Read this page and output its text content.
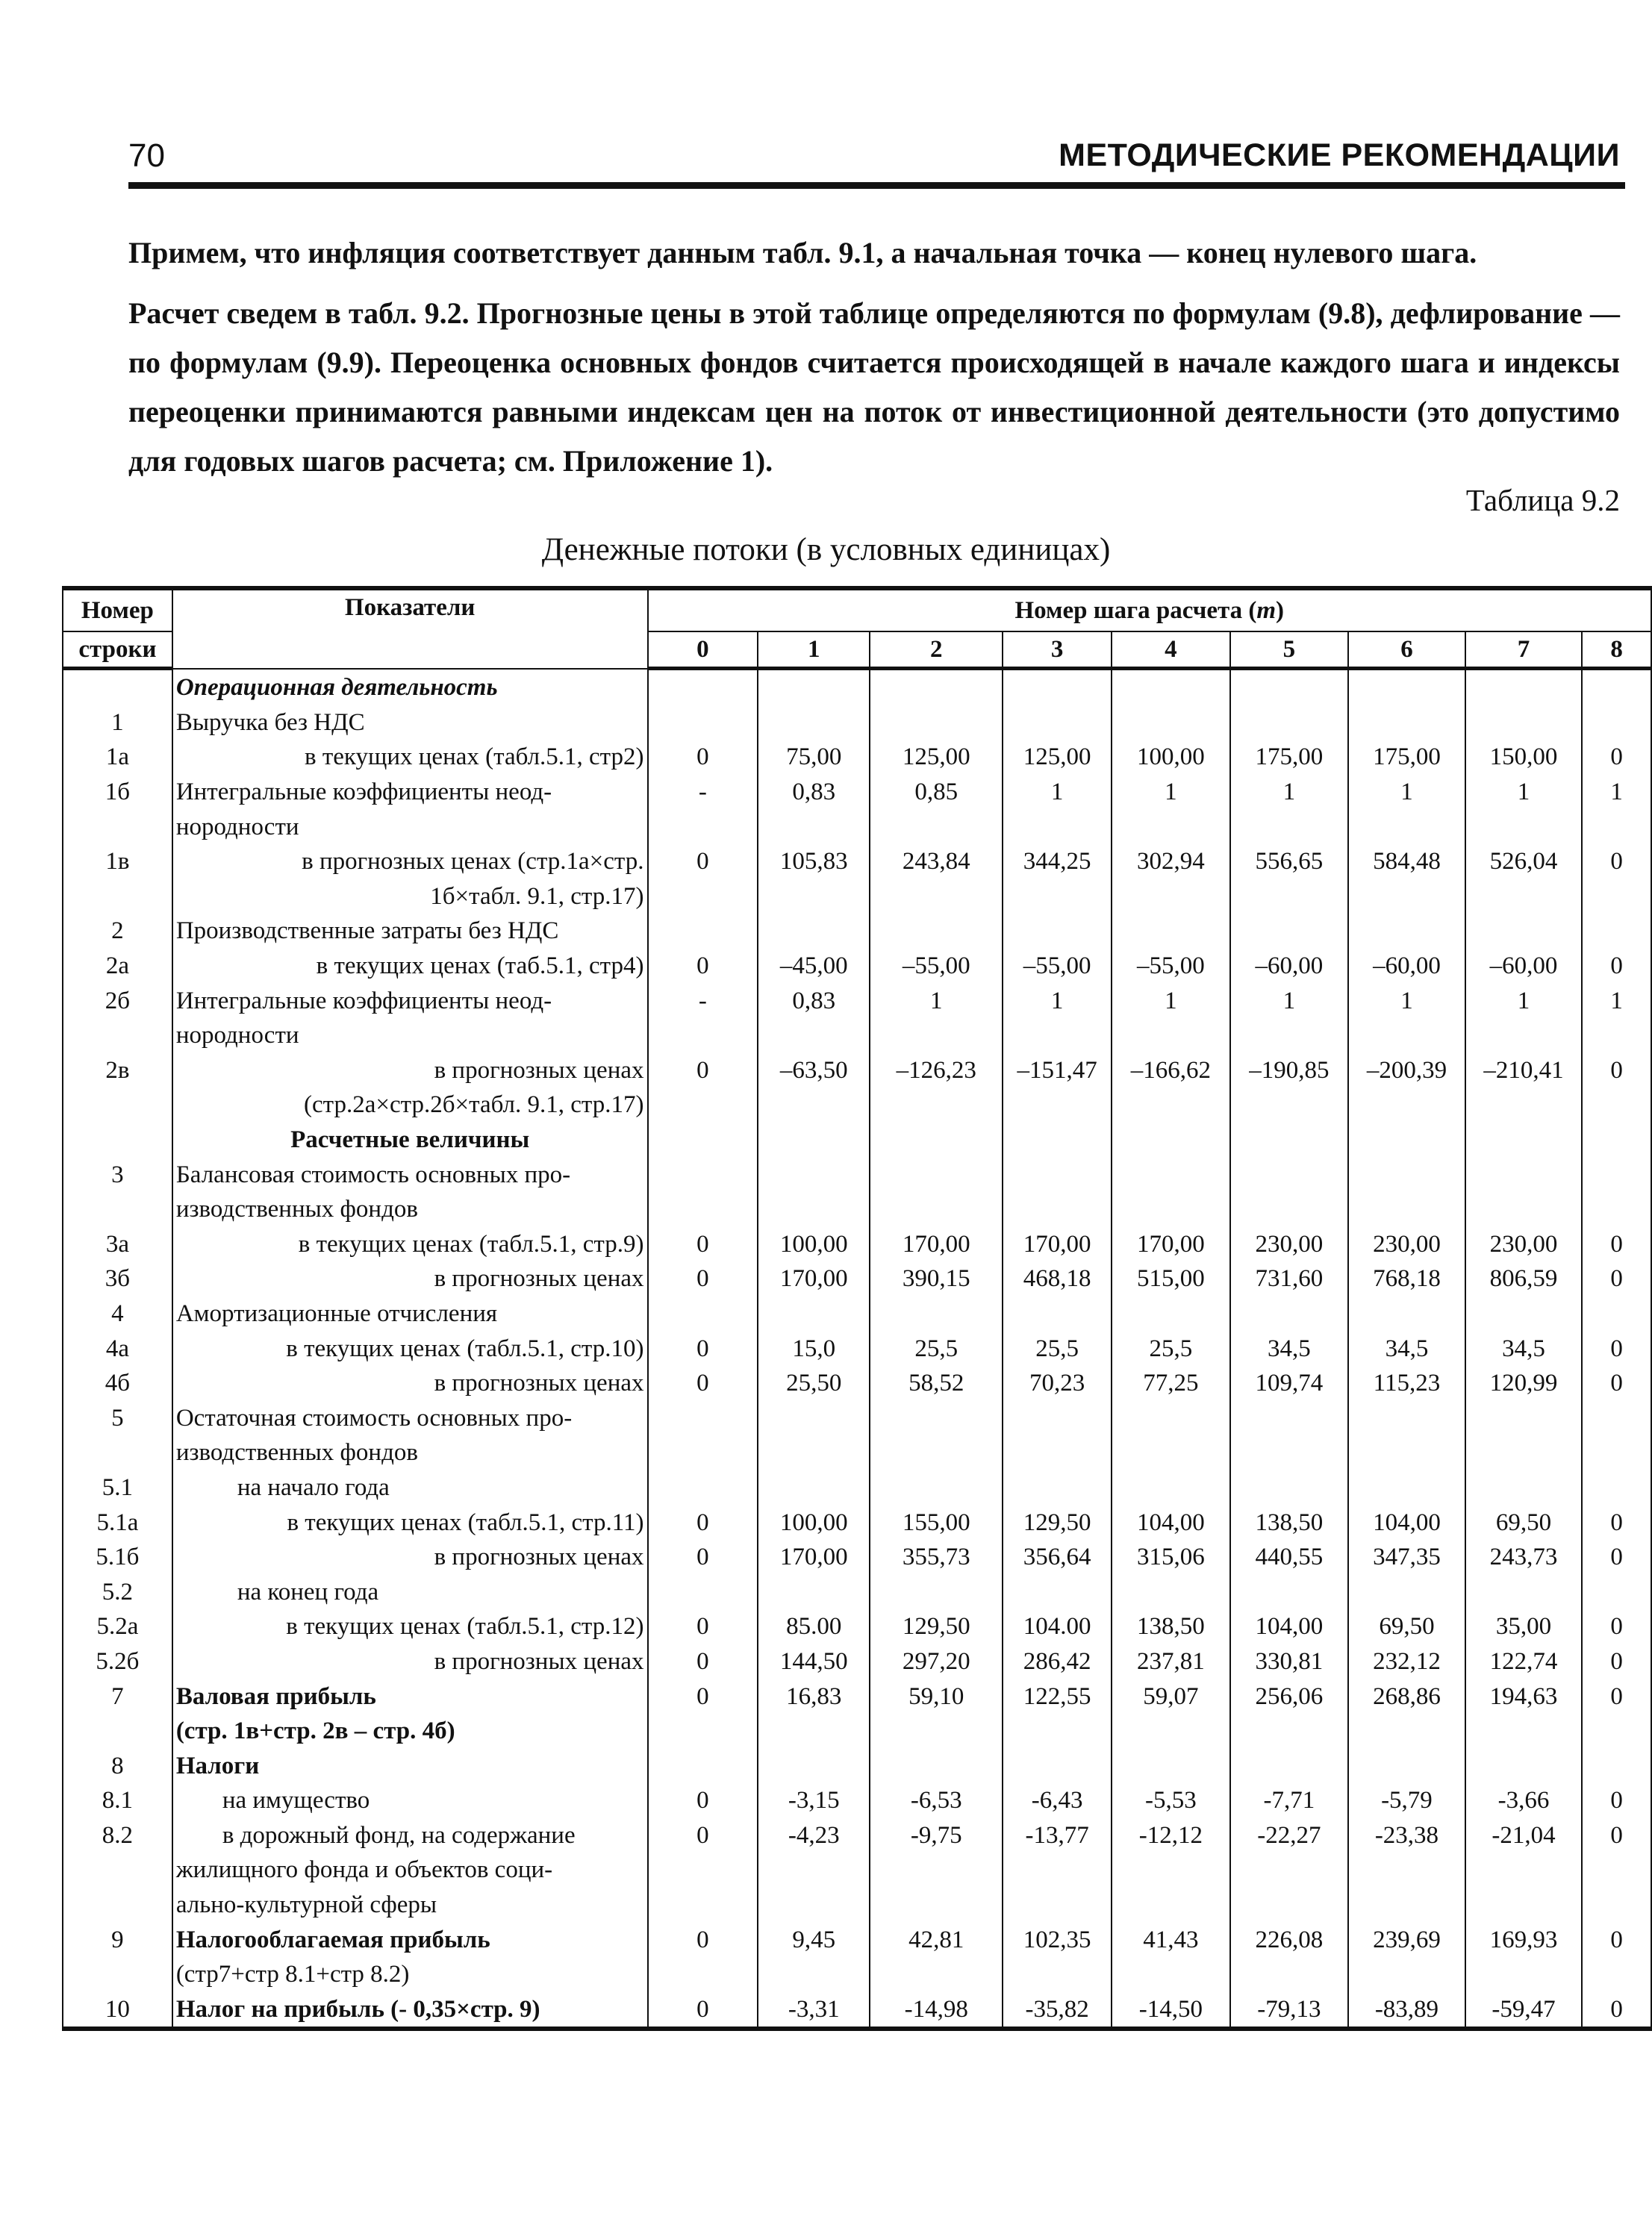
70	МЕТОДИЧЕСКИЕ РЕКОМЕНДАЦИИ

Примем, что инфляция соответствует данным табл. 9.1, а начальная точка — конец нулевого шага.

Расчет сведем в табл. 9.2. Прогнозные цены в этой таблице определяются по формулам (9.8), дефлирование — по формулам (9.9). Переоценка основных фондов считается происходящей в начале каждого шага и индексы переоценки принимаются равными индексам цен на поток от инвестиционной деятельности (это допустимо для годовых шагов расчета; см. Приложение 1).

Таблица 9.2
Денежные потоки (в условных единицах)
Номер	Показатели	Номер шага расчета (m)								
строки		0	1	2	3	4	5	6	7	8
	Операционная деятельность									
1	Выручка без НДС									
1а	в текущих ценах (табл.5.1, стр2)	0	75,00	125,00	125,00	100,00	175,00	175,00	150,00	0
1б	Интегральные коэффициенты неод-	-	0,83	0,85	1	1	1	1	1	1
	нородности									
1в	в прогнозных ценах (стр.1а×стр.	0	105,83	243,84	344,25	302,94	556,65	584,48	526,04	0
	1б×табл. 9.1, стр.17)									
2	Производственные затраты без НДС									
2а	в текущих ценах (таб.5.1, стр4)	0	–45,00	–55,00	–55,00	–55,00	–60,00	–60,00	–60,00	0
2б	Интегральные коэффициенты неод-	-	0,83	1	1	1	1	1	1	1
	нородности									
2в	в прогнозных ценах	0	–63,50	–126,23	–151,47	–166,62	–190,85	–200,39	–210,41	0
	(стр.2а×стр.2б×табл. 9.1, стр.17)									
	Расчетные величины									
3	Балансовая стоимость основных про-									
	изводственных фондов									
3а	в текущих ценах (табл.5.1, стр.9)	0	100,00	170,00	170,00	170,00	230,00	230,00	230,00	0
3б	в прогнозных ценах	0	170,00	390,15	468,18	515,00	731,60	768,18	806,59	0
4	Амортизационные отчисления									
4а	в текущих ценах (табл.5.1, стр.10)	0	15,0	25,5	25,5	25,5	34,5	34,5	34,5	0
4б	в прогнозных ценах	0	25,50	58,52	70,23	77,25	109,74	115,23	120,99	0
5	Остаточная стоимость основных про-									
	изводственных фондов									
5.1	на начало года									
5.1а	в текущих ценах (табл.5.1, стр.11)	0	100,00	155,00	129,50	104,00	138,50	104,00	69,50	0
5.1б	в прогнозных ценах	0	170,00	355,73	356,64	315,06	440,55	347,35	243,73	0
5.2	на конец года									
5.2а	в текущих ценах (табл.5.1, стр.12)	0	85.00	129,50	104.00	138,50	104,00	69,50	35,00	0
5.2б	в прогнозных ценах	0	144,50	297,20	286,42	237,81	330,81	232,12	122,74	0
7	Валовая прибыль	0	16,83	59,10	122,55	59,07	256,06	268,86	194,63	0
	(стр. 1в+стр. 2в – стр. 4б)									
8	Налоги									
8.1	на имущество	0	-3,15	-6,53	-6,43	-5,53	-7,71	-5,79	-3,66	0
8.2	в дорожный фонд, на содержание	0	-4,23	-9,75	-13,77	-12,12	-22,27	-23,38	-21,04	0
	жилищного фонда и объектов соци-									
	ально-культурной сферы									
9	Налогооблагаемая прибыль	0	9,45	42,81	102,35	41,43	226,08	239,69	169,93	0
	(стр7+стр 8.1+стр 8.2)									
10	Налог на прибыль (- 0,35×стр. 9)	0	-3,31	-14,98	-35,82	-14,50	-79,13	-83,89	-59,47	0
